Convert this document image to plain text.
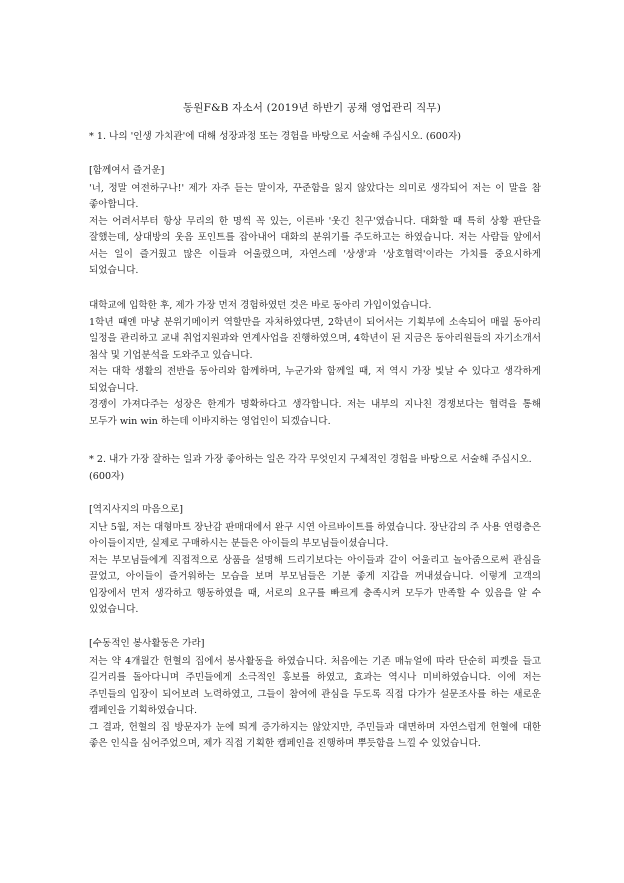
동원F&B 자소서 (2019년 하반기 공채 영업관리 직무)
* 1. 나의 '인생 가치관'에 대해 성장과정 또는 경험을 바탕으로 서술해 주십시오. (600자)
[함께여서 즐거운]

'너, 정말 여전하구나!' 제가 자주 듣는 말이자, 꾸준함을 잃지 않았다는 의미로 생각되어 저는 이 말을 참 좋아합니다.

저는 어려서부터 항상 무리의 한 명씩 꼭 있는, 이른바 '웃긴 친구'였습니다. 대화할 때 특히 상황 판단을 잘했는데, 상대방의 웃음 포인트를 잡아내어 대화의 분위기를 주도하고는 하였습니다. 저는 사람들 앞에서 서는 일이 즐거웠고 많은 이들과 어울렸으며, 자연스레 '상생'과 '상호협력'이라는 가치를 중요시하게 되었습니다.

대학교에 입학한 후, 제가 가장 먼저 경험하였던 것은 바로 동아리 가입이었습니다.

1학년 때엔 마냥 분위기메이커 역할만을 자처하였다면, 2학년이 되어서는 기획부에 소속되어 매월 동아리 일정을 관리하고 교내 취업지원과와 연계사업을 진행하였으며, 4학년이 된 지금은 동아리원들의 자기소개서 첨삭 및 기업분석을 도와주고 있습니다.

저는 대학 생활의 전반을 동아리와 함께하며, 누군가와 함께일 때, 저 역시 가장 빛날 수 있다고 생각하게 되었습니다.

경쟁이 가져다주는 성장은 한계가 명확하다고 생각합니다. 저는 내부의 지나친 경쟁보다는 협력을 통해 모두가 win win 하는데 이바지하는 영업인이 되겠습니다.

* 2. 내가 가장 잘하는 일과 가장 좋아하는 일은 각각 무엇인지 구체적인 경험을 바탕으로 서술해 주십시오. (600자)
[역지사지의 마음으로]

지난 5월, 저는 대형마트 장난감 판매대에서 완구 시연 아르바이트를 하였습니다. 장난감의 주 사용 연령층은 아이들이지만, 실제로 구매하시는 분들은 아이들의 부모님들이셨습니다.

저는 부모님들에게 직접적으로 상품을 설명해 드리기보다는 아이들과 같이 어울리고 놀아줌으로써 관심을 끌었고, 아이들이 즐거워하는 모습을 보며 부모님들은 기분 좋게 지갑을 꺼내셨습니다. 이렇게 고객의 입장에서 먼저 생각하고 행동하였을 때, 서로의 요구를 빠르게 충족시켜 모두가 만족할 수 있음을 알 수 있었습니다.

[수동적인 봉사활동은 가라]

저는 약 4개월간 헌혈의 집에서 봉사활동을 하였습니다. 처음에는 기존 매뉴얼에 따라 단순히 피켓을 들고 길거리를 돌아다니며 주민들에게 소극적인 홍보를 하였고, 효과는 역시나 미비하였습니다. 이에 저는 주민들의 입장이 되어보려 노력하였고, 그들이 참여에 관심을 두도록 직접 다가가 설문조사를 하는 새로운 캠페인을 기획하였습니다.

그 결과, 헌혈의 집 방문자가 눈에 띄게 증가하지는 않았지만, 주민들과 대면하며 자연스럽게 헌혈에 대한 좋은 인식을 심어주었으며, 제가 직접 기획한 캠페인을 진행하며 뿌듯함을 느낄 수 있었습니다.
